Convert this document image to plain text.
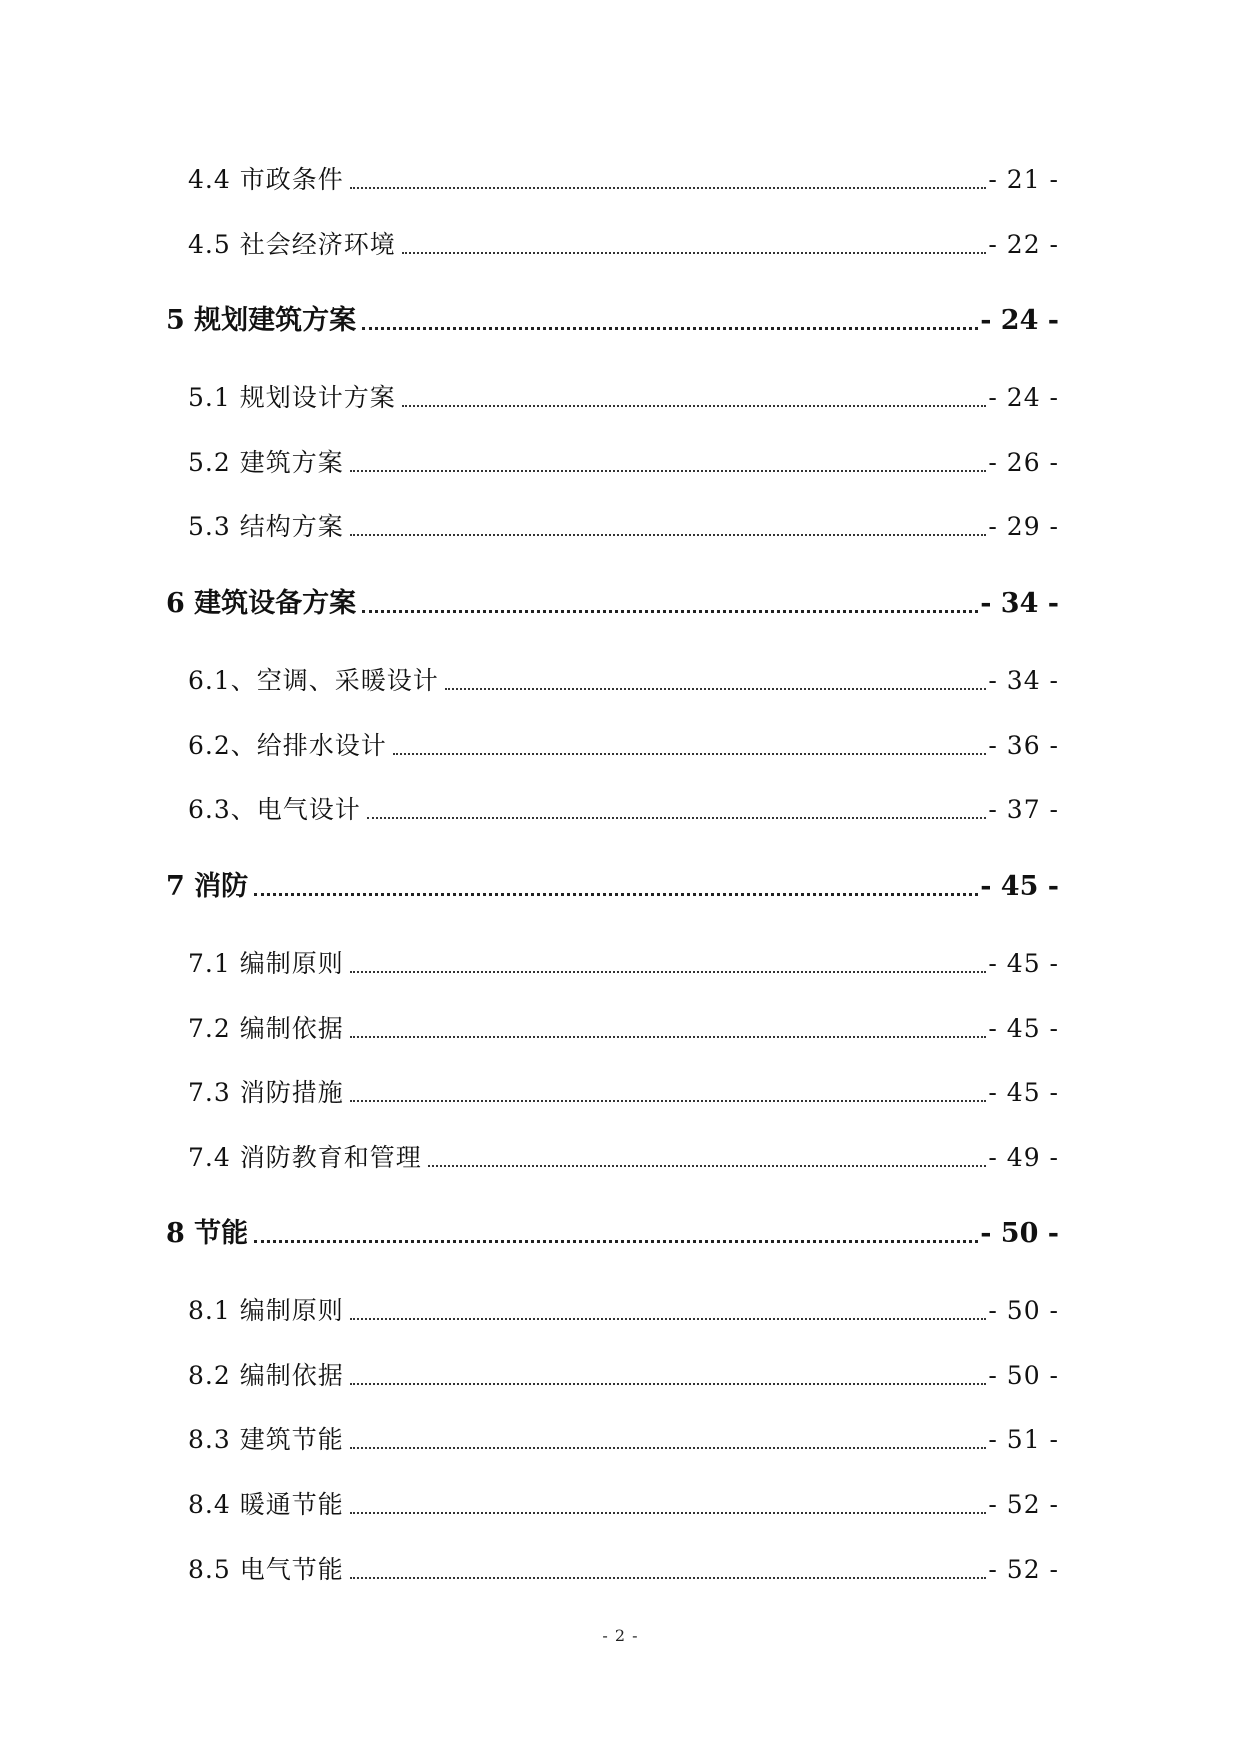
4.4 市政条件	- 21 -
4.5 社会经济环境	- 22 -
5 规划建筑方案	- 24 -
5.1 规划设计方案	- 24 -
5.2 建筑方案	- 26 -
5.3 结构方案	- 29 -
6 建筑设备方案	- 34 -
6.1、空调、采暖设计	- 34 -
6.2、给排水设计	- 36 -
6.3、电气设计	- 37 -
7 消防	- 45 -
7.1 编制原则	- 45 -
7.2 编制依据	- 45 -
7.3 消防措施	- 45 -
7.4 消防教育和管理	- 49 -
8 节能	- 50 -
8.1 编制原则	- 50 -
8.2 编制依据	- 50 -
8.3 建筑节能	- 51 -
8.4 暖通节能	- 52 -
8.5 电气节能	- 52 -
- 2 -
